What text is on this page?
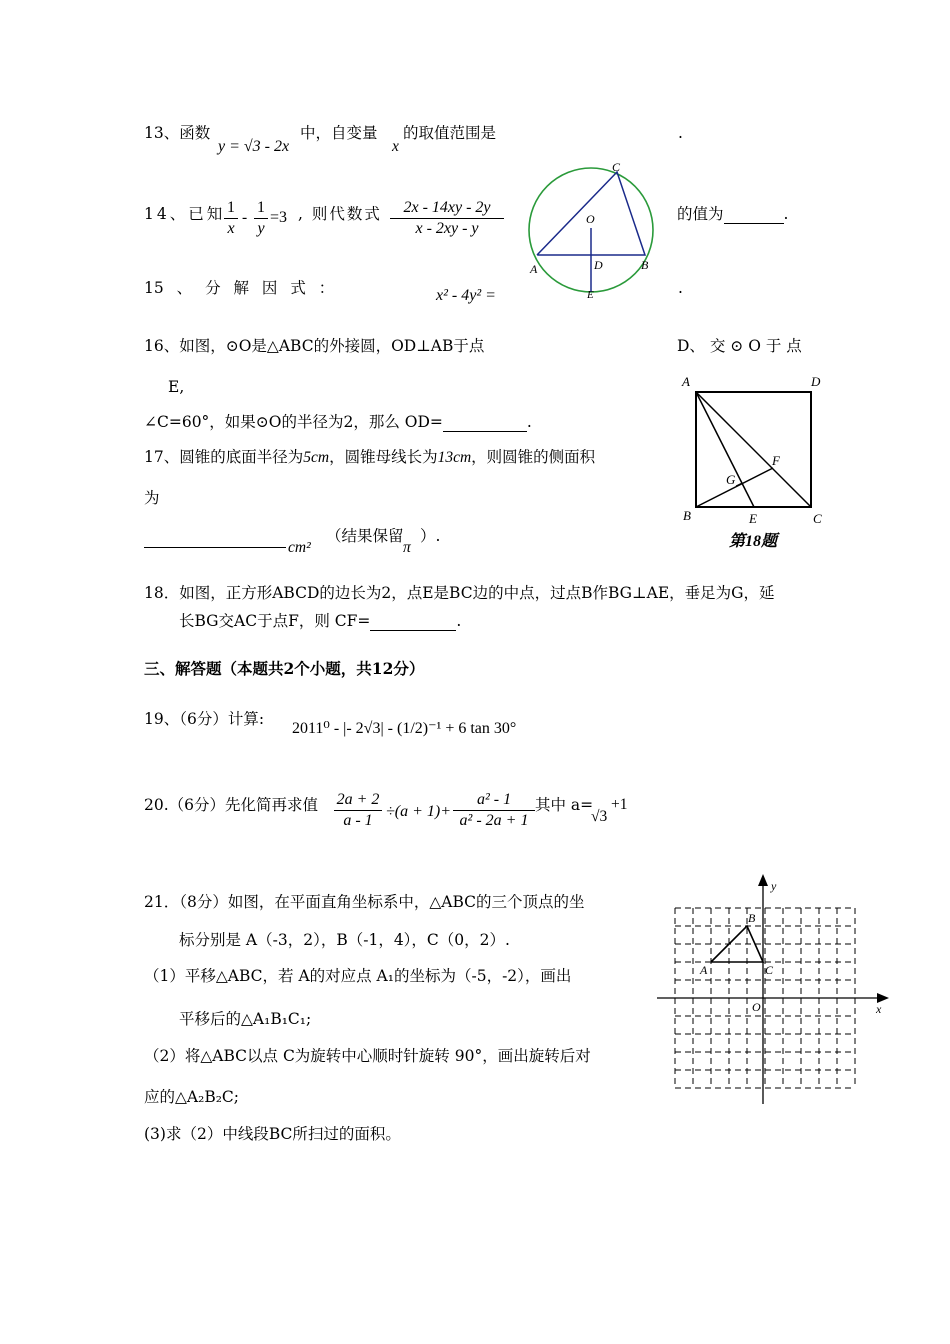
13、函数
y = √3 - 2x
中，自变量
x
的取值范围是	.
14、已知 1
x
-
1
y
=3 , 则代数式	2x - 14xy - 2y
x - 2xy - y
的值为	.
15 、 分 解 因 式 ：	x² - 4y² =	.
16、如图，⊙O是△ABC的外接圆，OD⊥AB于点	D、 交 ⊙ O 于 点
E,
∠C=60°，如果⊙O的半径为2，那么 OD=	.
17、圆锥的底面半径为5cm，圆锥母线长为13cm，则圆锥的侧面积
为
cm²
（结果保留
π
）.
18．如图，正方形ABCD的边长为2，点E是BC边的中点，过点B作BG⊥AE，垂足为G，延
长BG交AC于点F，则 CF=	.
三、解答题（本题共2个小题，共12分）
19、（6分）计算:
2011⁰ - |- 2√3| - (1/2)⁻¹ + 6 tan 30°
20.（6分）先化简再求值 2a + 2
a - 1
÷(a + 1)+
a² - 1
a² - 2a + 1
其中 a=
√3
+1
21．（8分）如图，在平面直角坐标系中，△ABC的三个顶点的坐
标分别是 A（-3，2），B（-1，4），C（0，2）.
（1）平移△ABC，若 A的对应点 A₁的坐标为（-5，-2），画出
平移后的△A₁B₁C₁;
（2）将△ABC以点 C为旋转中心顺时针旋转 90°，画出旋转后对
应的△A₂B₂C;
(3)求（2）中线段BC所扫过的面积。
C
O
A	D	B
E
A	D
F
G
B	E	C
第18题
y
B
A	C
O	x
